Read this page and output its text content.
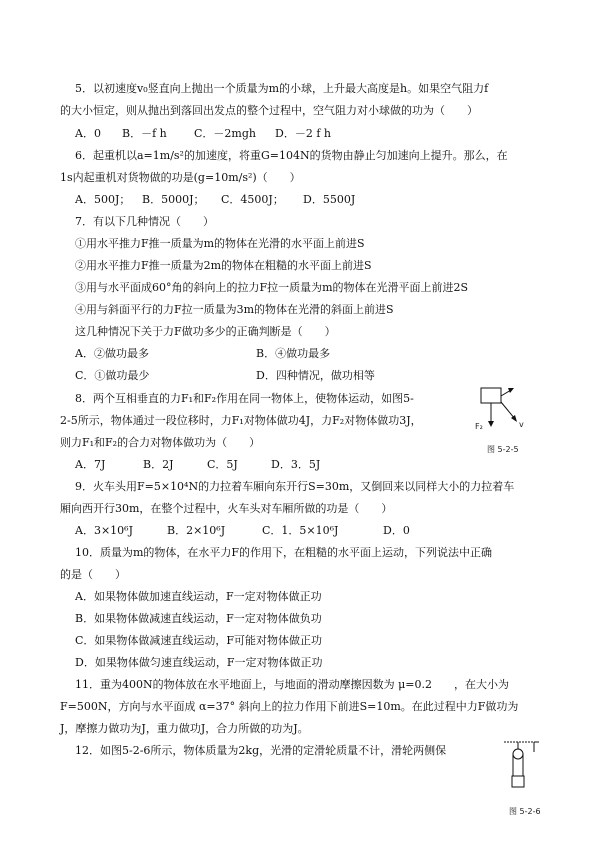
5．以初速度v₀竖直向上抛出一个质量为m的小球，上升最大高度是h。如果空气阻力f
的大小恒定，则从抛出到落回出发点的整个过程中，空气阻力对小球做的功为（　　）
A．0 B．－f h C．－2mgh D．－2 f h
6．起重机以a=1m/s²的加速度，将重G=104N的货物由静止匀加速向上提升。那么，在
1s内起重机对货物做的功是(g=10m/s²)（　　）
A．500J； B．5000J； C．4500J； D．5500J
7．有以下几种情况（　　）
①用水平推力F推一质量为m的物体在光滑的水平面上前进S
②用水平推力F推一质量为2m的物体在粗糙的水平面上前进S
③用与水平面成60°角的斜向上的拉力F拉一质量为m的物体在光滑平面上前进2S
④用与斜面平行的力F拉一质量为3m的物体在光滑的斜面上前进S
这几种情况下关于力F做功多少的正确判断是（　　）
A．②做功最多	B．④做功最多
C．①做功最少	D．四种情况，做功相等
8．两个互相垂直的力F₁和F₂作用在同一物体上，使物体运动，如图5-
2-5所示，物体通过一段位移时，力F₁对物体做功4J，力F₂对物体做功3J，
则力F₁和F₂的合力对物体做功为（　　）
A．7J	B．2J	C．5J	D．3．5J
F₂	v
图 5-2-5
9．火车头用F=5×10⁴N的力拉着车厢向东开行S=30m，又倒回来以同样大小的力拉着车
厢向西开行30m，在整个过程中，火车头对车厢所做的功是（　　）
A．3×10⁶J	B．2×10⁶J	C．1．5×10⁶J	D．0
10．质量为m的物体，在水平力F的作用下，在粗糙的水平面上运动，下列说法中正确
的是（　　）
A．如果物体做加速直线运动，F一定对物体做正功
B．如果物体做减速直线运动，F一定对物体做负功
C．如果物体做减速直线运动，F可能对物体做正功
D．如果物体做匀速直线运动，F一定对物体做正功
11．重为400N的物体放在水平地面上，与地面的滑动摩擦因数为 μ=0.2　　，在大小为
F=500N，方向与水平面成 α=37° 斜向上的拉力作用下前进S=10m。在此过程中力F做功为
J，摩擦力做功为J，重力做功J，合力所做的功为J。
12．如图5-2-6所示，物体质量为2kg，光滑的定滑轮质量不计，滑轮两侧保
图 5-2-6
